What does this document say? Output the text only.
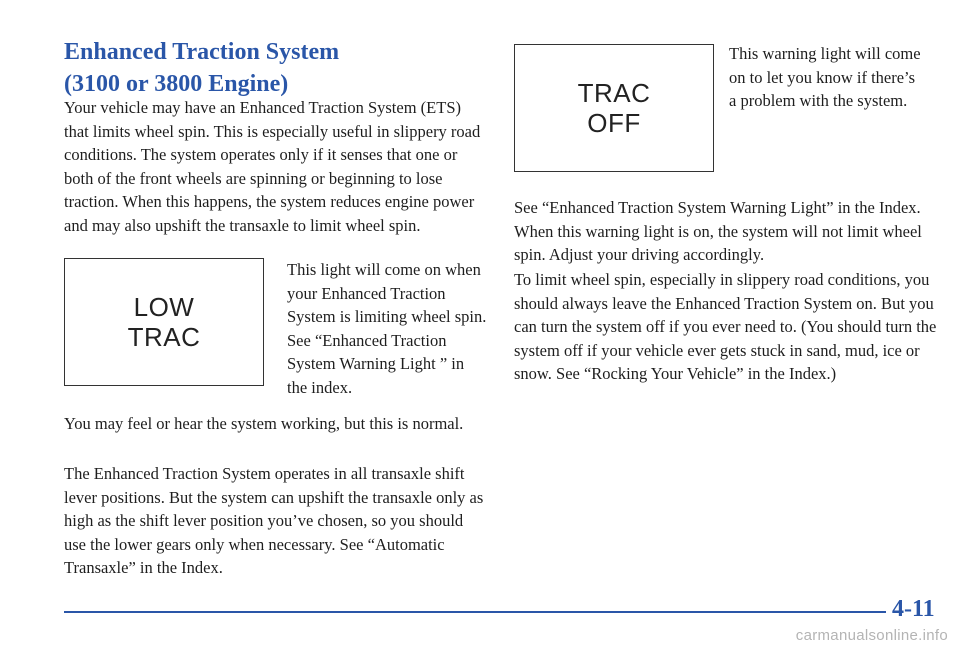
Enhanced Traction System
(3100 or 3800 Engine)

Your vehicle may have an Enhanced Traction System (ETS) that limits wheel spin. This is especially useful in slippery road conditions. The system operates only if it senses that one or both of the front wheels are spinning or beginning to lose traction. When this happens, the system reduces engine power and may also upshift the transaxle to limit wheel spin.

LOW
TRAC

This light will come on when your Enhanced Traction System is limiting wheel spin. See “Enhanced Traction System Warning Light ” in the index.

You may feel or hear the system working, but this is normal.

The Enhanced Traction System operates in all transaxle shift lever positions. But the system can upshift the transaxle only as high as the shift lever position you’ve chosen, so you should use the lower gears only when necessary. See “Automatic Transaxle” in the Index.

TRAC
OFF

This warning light will come on to let you know if there’s a problem with the system.

See “Enhanced Traction System Warning Light” in the Index. When this warning light is on, the system will not limit wheel spin. Adjust your driving accordingly.

To limit wheel spin, especially in slippery road conditions, you should always leave the Enhanced Traction System on. But you can turn the system off if you ever need to. (You should turn the system off if your vehicle ever gets stuck in sand, mud, ice or snow. See “Rocking Your Vehicle” in the Index.)

4-11

carmanualsonline.info
